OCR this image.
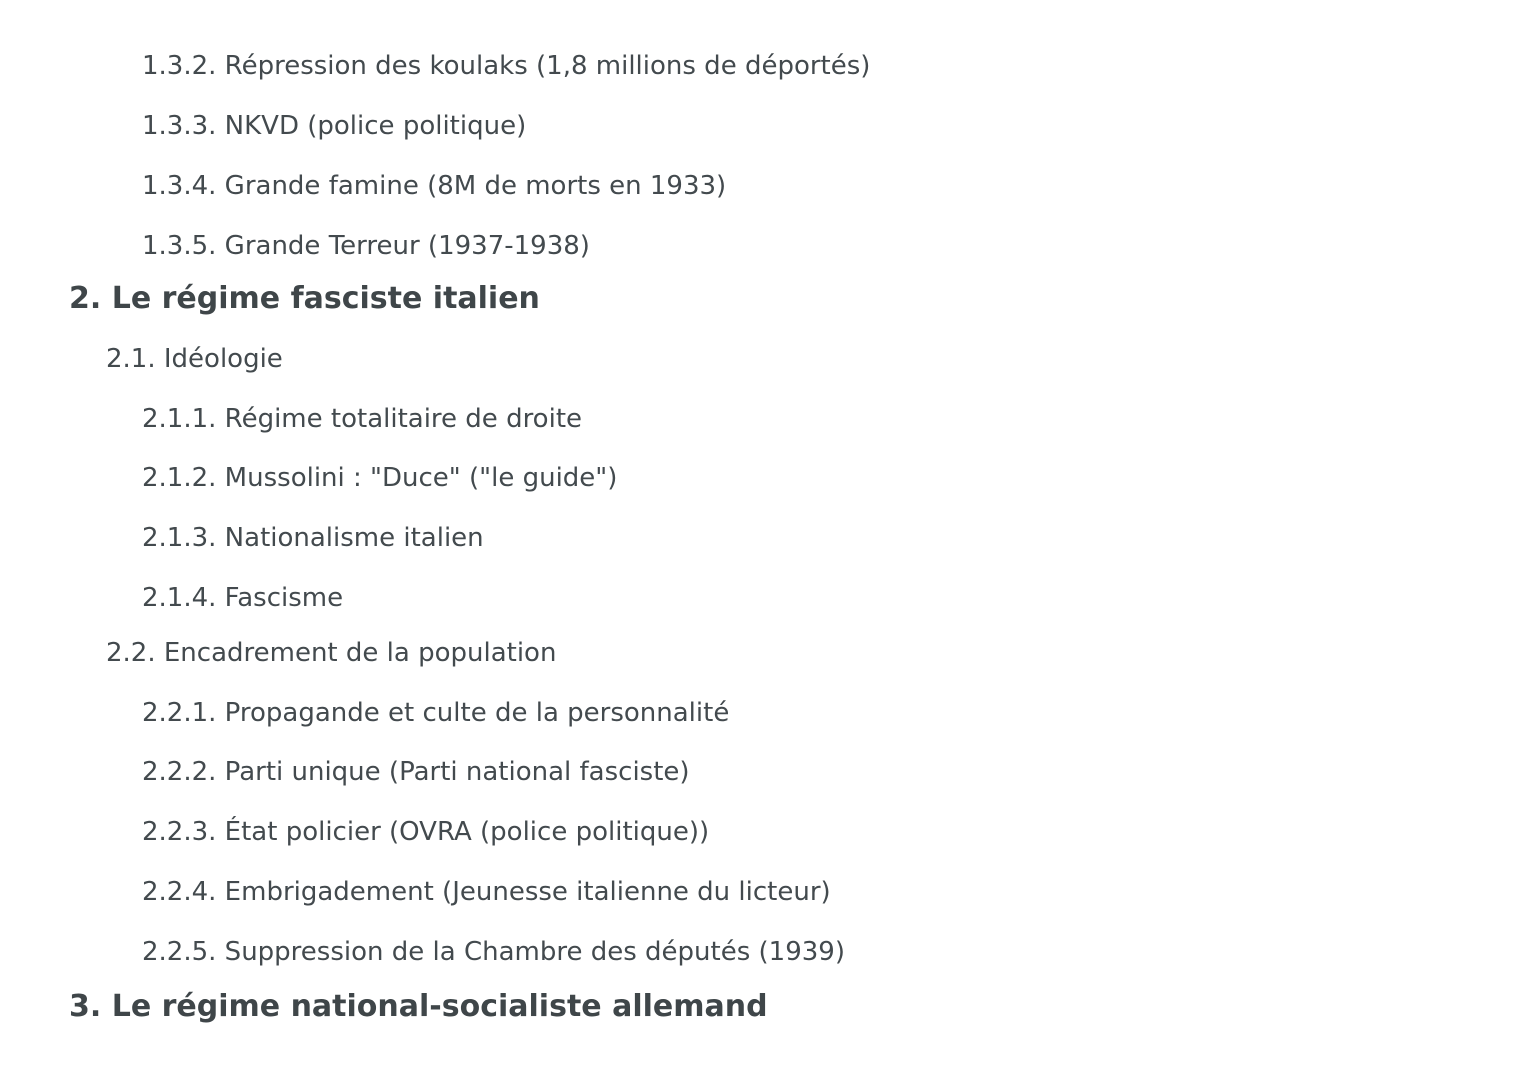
1.3.2. Répression des koulaks (1,8 millions de déportés)
1.3.3. NKVD (police politique)
1.3.4. Grande famine (8M de morts en 1933)
1.3.5. Grande Terreur (1937-1938)
2. Le régime fasciste italien
2.1. Idéologie
2.1.1. Régime totalitaire de droite
2.1.2. Mussolini : "Duce" ("le guide")
2.1.3. Nationalisme italien
2.1.4. Fascisme
2.2. Encadrement de la population
2.2.1. Propagande et culte de la personnalité
2.2.2. Parti unique (Parti national fasciste)
2.2.3. État policier (OVRA (police politique))
2.2.4. Embrigadement (Jeunesse italienne du licteur)
2.2.5. Suppression de la Chambre des députés (1939)
3. Le régime national-socialiste allemand
